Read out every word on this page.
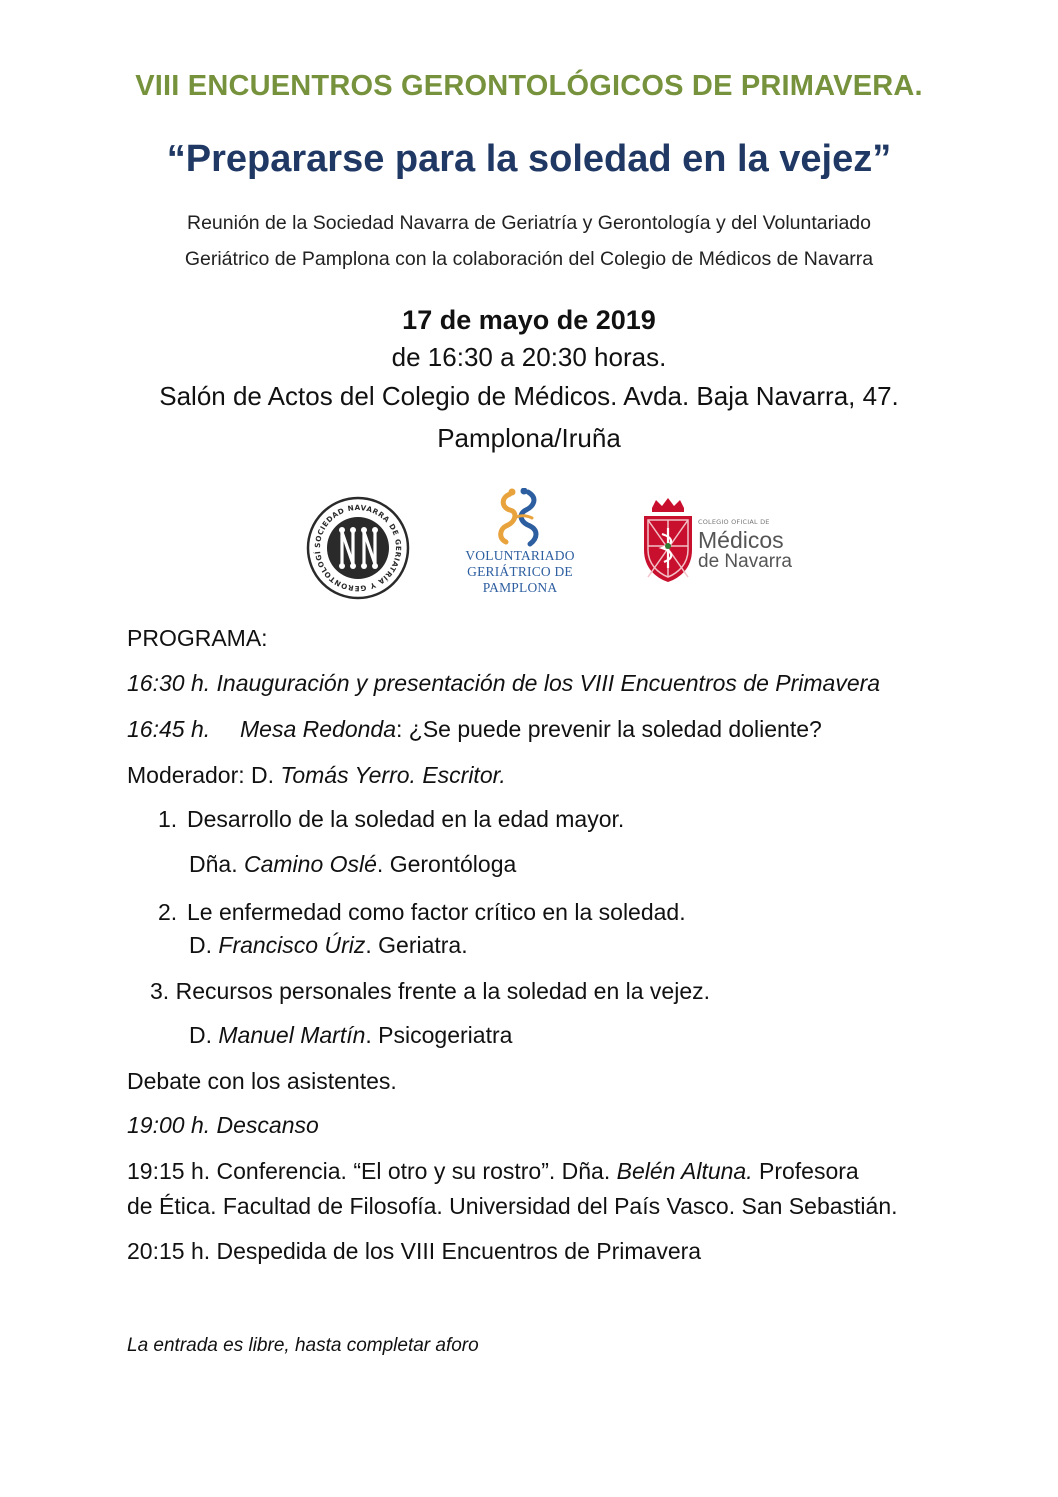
VIII ENCUENTROS GERONTOLÓGICOS DE PRIMAVERA.
“Prepararse para la soledad en la vejez”
Reunión de la Sociedad Navarra de Geriatría y Gerontología y del Voluntariado
Geriátrico de Pamplona con la colaboración del Colegio de Médicos de Navarra
17 de mayo de 2019
de 16:30 a 20:30 horas.
Salón de Actos del Colegio de Médicos. Avda. Baja Navarra, 47.
Pamplona/Iruña
SOCIEDAD NAVARRA DE GERIATRÍA Y GERONTOLOGÍ	VOLUNTARIADO
GERIÁTRICO DE
PAMPLONA
COLEGIO OFICIAL DE
Médicos
de Navarra
PROGRAMA:
16:30 h. Inauguración y presentación de los VIII Encuentros de Primavera
16:45 h. Mesa Redonda: ¿Se puede prevenir la soledad doliente?
Moderador: D. Tomás Yerro. Escritor.
1. Desarrollo de la soledad en la edad mayor.
Dña. Camino Oslé. Gerontóloga
2. Le enfermedad como factor crítico en la soledad.
D. Francisco Úriz. Geriatra.
3. Recursos personales frente a la soledad en la vejez.
D. Manuel Martín. Psicogeriatra
Debate con los asistentes.
19:00 h. Descanso
19:15 h. Conferencia. “El otro y su rostro”. Dña. Belén Altuna. Profesora
de Ética. Facultad de Filosofía. Universidad del País Vasco. San Sebastián.
20:15 h. Despedida de los VIII Encuentros de Primavera
La entrada es libre, hasta completar aforo
